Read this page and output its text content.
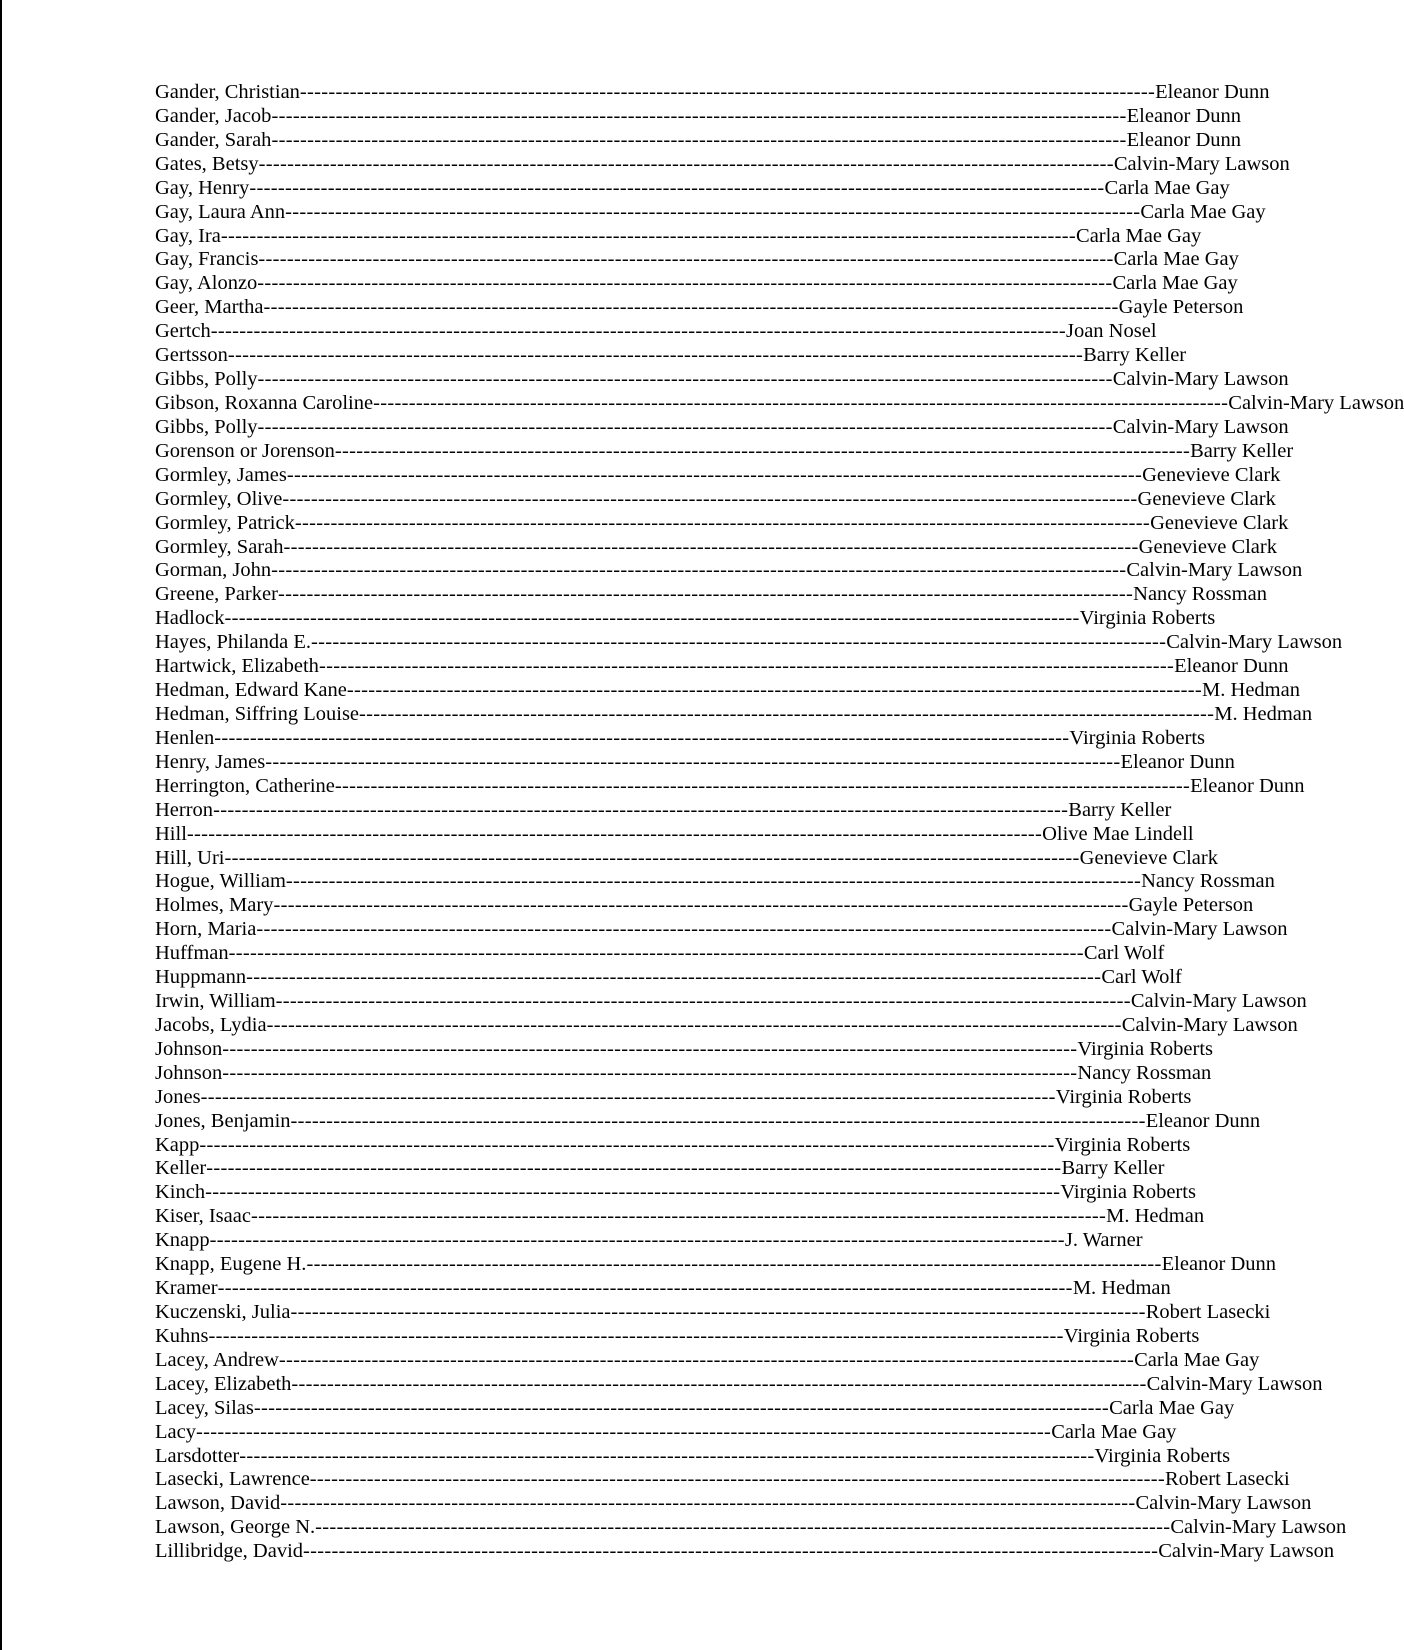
Gander, Christian ------------------------------------------------------------------------------------------------------------------------ Eleanor Dunn
Gander, Jacob ------------------------------------------------------------------------------------------------------------------------ Eleanor Dunn
Gander, Sarah ------------------------------------------------------------------------------------------------------------------------ Eleanor Dunn
Gates, Betsy ------------------------------------------------------------------------------------------------------------------------ Calvin-Mary Lawson
Gay, Henry ------------------------------------------------------------------------------------------------------------------------ Carla Mae Gay
Gay, Laura Ann ------------------------------------------------------------------------------------------------------------------------ Carla Mae Gay
Gay, Ira ------------------------------------------------------------------------------------------------------------------------ Carla Mae Gay
Gay, Francis ------------------------------------------------------------------------------------------------------------------------ Carla Mae Gay
Gay, Alonzo ------------------------------------------------------------------------------------------------------------------------ Carla Mae Gay
Geer, Martha ------------------------------------------------------------------------------------------------------------------------ Gayle Peterson
Gertch ------------------------------------------------------------------------------------------------------------------------ Joan Nosel
Gertsson ------------------------------------------------------------------------------------------------------------------------ Barry Keller
Gibbs, Polly ------------------------------------------------------------------------------------------------------------------------ Calvin-Mary Lawson
Gibson, Roxanna Caroline ------------------------------------------------------------------------------------------------------------------------ Calvin-Mary Lawson
Gibbs, Polly ------------------------------------------------------------------------------------------------------------------------ Calvin-Mary Lawson
Gorenson or Jorenson ------------------------------------------------------------------------------------------------------------------------ Barry Keller
Gormley, James ------------------------------------------------------------------------------------------------------------------------ Genevieve Clark
Gormley, Olive ------------------------------------------------------------------------------------------------------------------------ Genevieve Clark
Gormley, Patrick ------------------------------------------------------------------------------------------------------------------------ Genevieve Clark
Gormley, Sarah ------------------------------------------------------------------------------------------------------------------------ Genevieve Clark
Gorman, John ------------------------------------------------------------------------------------------------------------------------ Calvin-Mary Lawson
Greene, Parker ------------------------------------------------------------------------------------------------------------------------ Nancy Rossman
Hadlock ------------------------------------------------------------------------------------------------------------------------ Virginia Roberts
Hayes, Philanda E. ------------------------------------------------------------------------------------------------------------------------ Calvin-Mary Lawson
Hartwick, Elizabeth ------------------------------------------------------------------------------------------------------------------------ Eleanor Dunn
Hedman, Edward Kane ------------------------------------------------------------------------------------------------------------------------ M. Hedman
Hedman, Siffring Louise ------------------------------------------------------------------------------------------------------------------------ M. Hedman
Henlen ------------------------------------------------------------------------------------------------------------------------ Virginia Roberts
Henry, James ------------------------------------------------------------------------------------------------------------------------ Eleanor Dunn
Herrington, Catherine ------------------------------------------------------------------------------------------------------------------------ Eleanor Dunn
Herron ------------------------------------------------------------------------------------------------------------------------ Barry Keller
Hill ------------------------------------------------------------------------------------------------------------------------ Olive Mae Lindell
Hill, Uri ------------------------------------------------------------------------------------------------------------------------ Genevieve Clark
Hogue, William ------------------------------------------------------------------------------------------------------------------------ Nancy Rossman
Holmes, Mary ------------------------------------------------------------------------------------------------------------------------ Gayle Peterson
Horn, Maria ------------------------------------------------------------------------------------------------------------------------ Calvin-Mary Lawson
Huffman ------------------------------------------------------------------------------------------------------------------------ Carl Wolf
Huppmann ------------------------------------------------------------------------------------------------------------------------ Carl Wolf
Irwin, William ------------------------------------------------------------------------------------------------------------------------ Calvin-Mary Lawson
Jacobs, Lydia ------------------------------------------------------------------------------------------------------------------------ Calvin-Mary Lawson
Johnson ------------------------------------------------------------------------------------------------------------------------ Virginia Roberts
Johnson ------------------------------------------------------------------------------------------------------------------------ Nancy Rossman
Jones ------------------------------------------------------------------------------------------------------------------------ Virginia Roberts
Jones, Benjamin ------------------------------------------------------------------------------------------------------------------------ Eleanor Dunn
Kapp ------------------------------------------------------------------------------------------------------------------------ Virginia Roberts
Keller ------------------------------------------------------------------------------------------------------------------------ Barry Keller
Kinch ------------------------------------------------------------------------------------------------------------------------ Virginia Roberts
Kiser, Isaac ------------------------------------------------------------------------------------------------------------------------ M. Hedman
Knapp ------------------------------------------------------------------------------------------------------------------------ J. Warner
Knapp, Eugene H. ------------------------------------------------------------------------------------------------------------------------ Eleanor Dunn
Kramer ------------------------------------------------------------------------------------------------------------------------ M. Hedman
Kuczenski, Julia ------------------------------------------------------------------------------------------------------------------------ Robert Lasecki
Kuhns ------------------------------------------------------------------------------------------------------------------------ Virginia Roberts
Lacey, Andrew ------------------------------------------------------------------------------------------------------------------------ Carla Mae Gay
Lacey, Elizabeth ------------------------------------------------------------------------------------------------------------------------ Calvin-Mary Lawson
Lacey, Silas ------------------------------------------------------------------------------------------------------------------------ Carla Mae Gay
Lacy ------------------------------------------------------------------------------------------------------------------------ Carla Mae Gay
Larsdotter ------------------------------------------------------------------------------------------------------------------------ Virginia Roberts
Lasecki, Lawrence ------------------------------------------------------------------------------------------------------------------------ Robert Lasecki
Lawson, David ------------------------------------------------------------------------------------------------------------------------ Calvin-Mary Lawson
Lawson, George N. ------------------------------------------------------------------------------------------------------------------------ Calvin-Mary Lawson
Lillibridge, David ------------------------------------------------------------------------------------------------------------------------ Calvin-Mary Lawson
